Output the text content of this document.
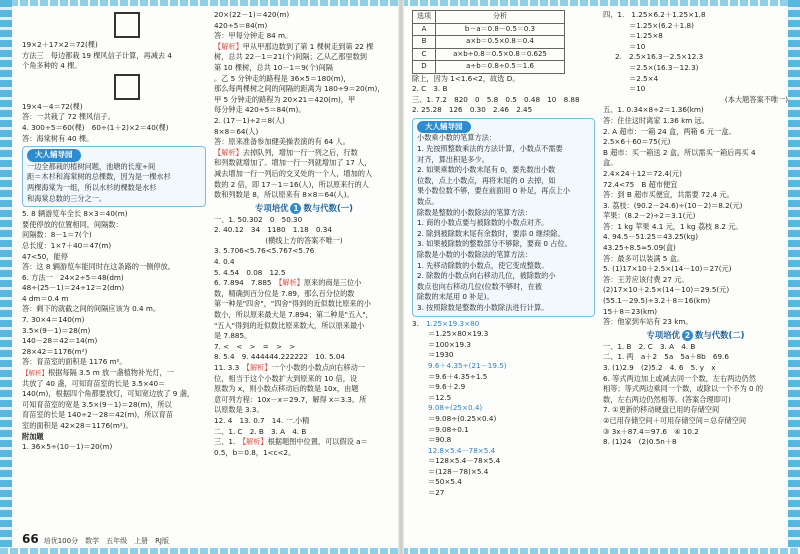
19×2＋17×2＝72(棵)
方法三　每边都栽 19 棵风信子计算，再减去 4
个角多种的 4 棵。
19×4－4＝72(棵)
答：一共栽了 72 棵风信子。
4. 300÷5＝60(棵)　60÷(1＋2)×2＝40(棵)
答：海棠树有 40 棵。
大人辅导园
一边全都栽的植树问题，池塘的长度÷间
距＝木杉和海棠树的总棵数，因为是一棵水杉
两棵海棠为一组，所以水杉的棵数是水杉
和海棠总数的三分之一。
5. 8 辆游览车全长 8×3＝40(m)
要使停放的位置相同，间隔数：
间隔数：8－1＝7(个)
总长度：1×7＋40＝47(m)
47<50，能停
答：这 8 辆游览车能同时在这条路的一侧停放。
6. 方法一　24×2÷5＝48(dm)
48÷(25－1)＝24÷12＝2(dm)
4 dm＝0.4 m
答：剩下的就截之间的间隔应该为 0.4 m。
7. 30×4＝140(m)
3.5×(9－1)＝28(m)
140－28＝42＝14(m)
28×42＝1176(m²)
答：育苗室的面积是 1176 m²。
【解析】根据每隔 3.5 m 放一盏植物补光灯，一
共放了 40 盏，可知育苗室的长是 3.5×40＝
140(m)，根据四个角都要放灯，可知宽边放了 9 盏，
可知育苗室的宽是 3.5×(9－1)＝28(m)，所以
育苗室的长是 140÷2－28＝42(m)，所以育苗
室的面积是 42×28＝1176(m²)。
附加题
1. 36×5÷(10－1)＝20(m)
20×(22－1)＝420(m)
420÷5＝84(m)
答：甲每分钟走 84 m。
【解析】甲从甲那边数到了第 1 棵树走到第 22 棵
树，总共 22－1＝21(个)间隔；乙从乙那里数到
第 10 棵树，总共 10－1＝9(个)间隔
。乙 5 分钟走的路程是 36×5＝180(m)，
那么每两棵树之间的间隔的距离为 180÷9＝20(m)，
甲 5 分钟走的路程为 20×21＝420(m)，甲
每分钟走 420÷5＝84(m)。
2. (17－1)÷2＝8(人)
8×8＝64(人)
答：原来准备参加健美操表演的有 64 人。
【解析】去掉队列，增加一行一列之后，行数
和列数就增加了。增加一行一列就增加了 17 人，
减去增加一行一列后的交叉处的一个人，增加的人
数的 2 倍，即 17－1＝16(人)，所以原来行的人
数和列数是 8，所以原来有 8×8＝64(人)。
专项培优 1 数与代数(一)
一、1. 50.302　0　50.30
2. 40.12　34　1180　1.18　0.34
(横线上方的答案不唯一)
3. 5.706<5.76<5.767<5.76
4. 0.4
5. 4.54　0.08　12.5
6. 7.894　7.885　 【解析】原来的商是三位小
数，精确到百分位是 7.89，那么百分位的数
第一种是"四舍"，"四舍"得到的近似数比原来的小
数小，所以原来最大是 7.894；第二种是"五入"，
"五入"得到的近似数比原来数大，所以原来最小
是 7.885。
7. <　<　>　=　>　>
8. 5.4　9. 444444.222222　10. 5.04
11. 3.3　 【解析】一个小数的小数点向右移动一
位，相当于这个小数扩大到原来的 10 倍，设
原数为 x，则小数点移动后的数是 10x，由题
意可列方程：10x－x＝29.7，解得 x＝3.3。所
以原数是 3.3。
12. 4　13. 0.7　14. 一.小精
二、1. C　2. B　3. A　4. B
三、1.　 【解析】根据题图中位置，可以假设 a＝
0.5，b＝0.8，1<c<2。
选项	分析
A	b－a＝0.8－0.5＝0.3
B	a×b＝0.5×0.8＝0.4
C	a×b÷0.8＝0.5×0.8＝0.625
D	a÷b＝0.8÷0.5＝1.6
除上，因为 1<1.6<2，故选 D。
2. C　3. B
三、1. 7.2　820　0　5.8　0.5　0.48　10　8.88
2. 25.28　126　0.30　2.46　2.45
大人辅导园
小数乘小数的笔算方法：
1. 先按照整数乘法的方法计算，小数点不需要
对齐，算出积是多少。
2. 如果乘数的小数末尾有 0，要先数出小数
位数，点上小数点，再将末尾的 0 去掉，如
果小数位数不够，要在前面用 0 补足，再点上小
数点。
除数是整数的小数除法的笔算方法：
1. 商的小数点要与被除数的小数点对齐。
2. 除到被除数末尾有余数时，要添 0 继续除。
3. 如果被除数的整数部分不够除，要商 0 占位。
除数是小数的小数除法的笔算方法：
1. 先移动除数的小数点，使它变成整数。
2. 除数的小数点向右移动几位，被除数的小
数点也向右移动几位(位数不够时，在被
除数的末尾用 0 补足)。
3. 按照除数是整数的小数除法进行计算。
3.　 1.25×19.3×80
＝1.25×80×19.3
＝100×19.3
＝1930
9.6＋4.35÷(21－19.5)
＝9.6＋4.35÷1.5
＝9.6＋2.9
＝12.5
9.08÷(25×0.4)
＝9.08÷(0.25×0.4)
＝9.08÷0.1
＝90.8
12.8×5.4－78×5.4
＝128×5.4－78×5.4
＝(128－78)×5.4
＝50×5.4
＝27
四、1.　1.25×6.2＋1.25×1.8
＝1.25×(6.2＋1.8)
＝1.25×8
＝10
2.　2.5×16.3－2.5×12.3
＝2.5×(16.3－12.3)
＝2.5×4
＝10
(本大题答案不唯一)
五、1. 0.34×8÷2＝1.36(km)
答：住住这时离家 1.36 km 远。
2. A 超市：一箱 24 盒，两箱 6 元一盒。
2.5×6＋60＝75(元)
B 超市：买一箱送 2 盒，所以需买一箱后再买 4
盒。
2.4×24＋12＝72.4(元)
72.4<75　B 超市便宜
答：到 B 超市买便宜，共需要 72.4 元。
3. 荔枝：(90.2－24.6)÷(10－2)＝8.2(元)
苹果：(8.2－2)÷2＝3.1(元)
答：1 kg 苹果 4.1 元，1 kg 荔枝 8.2 元。
4. 94.5－51.25＝43.25(kg)
43.25÷8.5≈5.09(盒)
答：最多可以装满 5 盒。
5. (1)17×10＋2.5×(14－10)＝27(元)
答：王芳应该付费 27 元。
(2)17×10＋2.5×(14－10)＝29.5(元)
(55.1－29.5)÷3.2＋8＝16(km)
15＋8＝23(km)
答：他家到车站有 23 km。
专项培优 2 数与代数(二)
一、1. B　2. C　3. A　4. B
二、1. 两　a＋2　5a　5a＋8b　69.6
3. (1)2.9　(2)5.2　4. 6　5. y　x
6. 等式两边加上或减去同一个数，左右两边仍然
相等；等式两边乘同一个数，或除以一个不为 0 的
数，左右两边仍然相等。(答案合理即可)
7. ①更新的移动硬盘已用的存储空间
②已用存储空间＋可用存储空间＝总存储空间
③ 3x＋87.4＝97.6　④ 10.2
8. (1)24　(2)0.5n＋8
66 培优100分　数学　五年级　上册　RJ版
